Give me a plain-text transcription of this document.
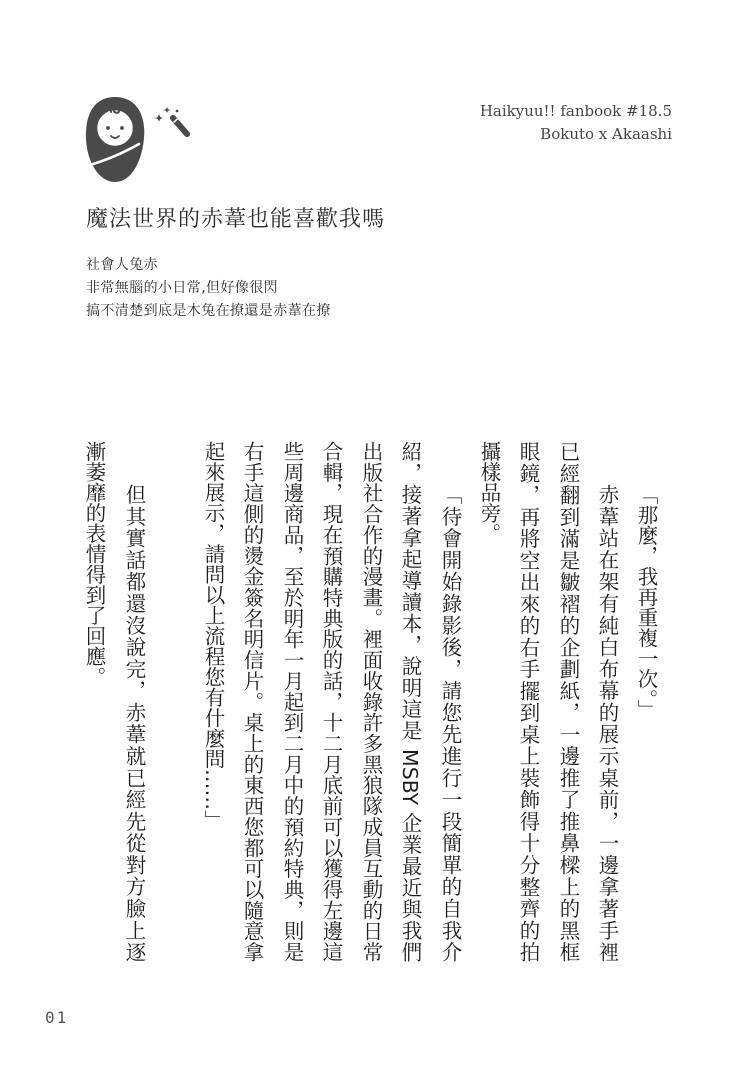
Haikyuu!! fanbook #18.5
Bokuto x Akaashi
魔法世界的赤葦也能喜歡我嗎
社會人兔赤
非常無腦的小日常,但好像很閃
搞不清楚到底是木兔在撩還是赤葦在撩
「那麼，我再重複一次。」
赤葦站在架有純白布幕的展示桌前，一邊拿著手裡
已經翻到滿是皺褶的企劃紙，一邊推了推鼻樑上的黑框
眼鏡，再將空出來的右手擺到桌上裝飾得十分整齊的拍
攝樣品旁。
「待會開始錄影後，請您先進行一段簡單的自我介
紹，接著拿起導讀本，說明這是 MSBY 企業最近與我們
出版社合作的漫畫。裡面收錄許多黑狼隊成員互動的日常
合輯，現在預購特典版的話，十二月底前可以獲得左邊這
些周邊商品，至於明年一月起到二月中的預約特典，則是
右手這側的燙金簽名明信片。桌上的東西您都可以隨意拿
起來展示，請問以上流程您有什麼問……」
但其實話都還沒說完，赤葦就已經先從對方臉上逐
漸萎靡的表情得到了回應。
01
